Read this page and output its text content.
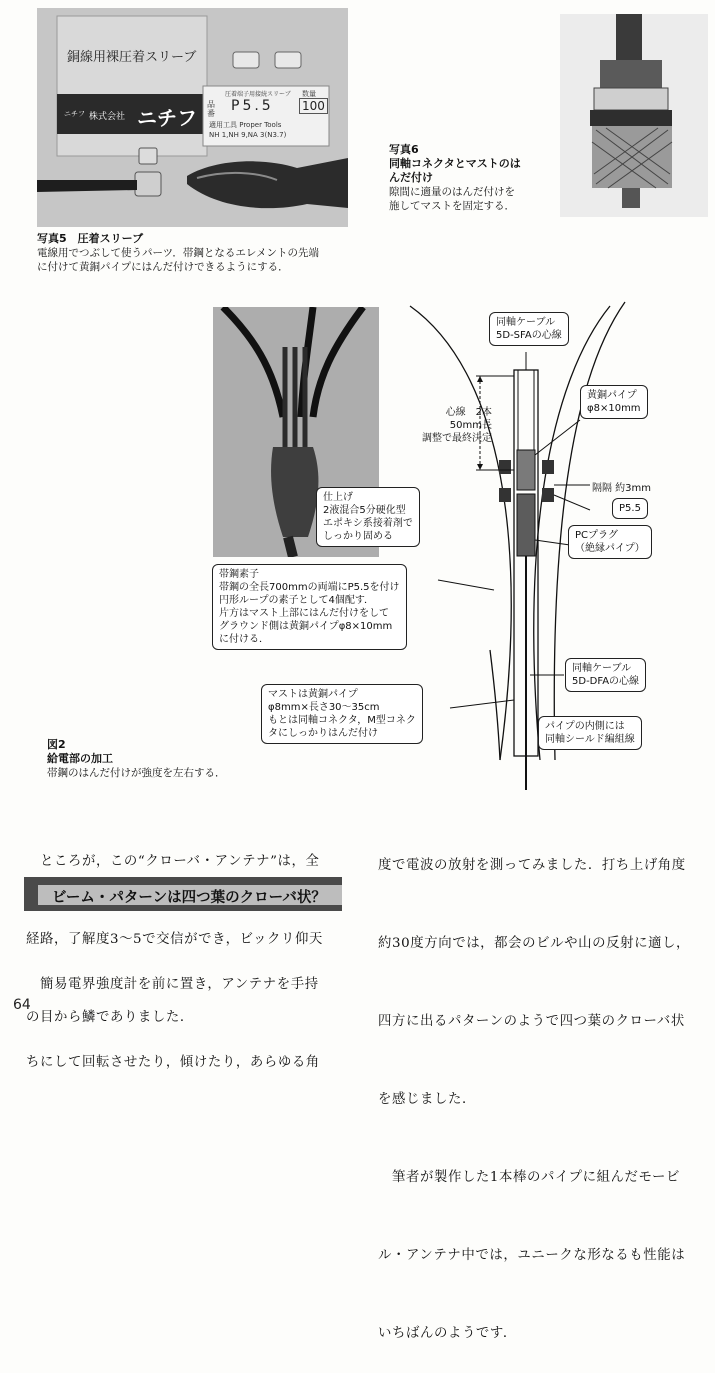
銅線用裸圧着スリーブ
ニチフ 株式会社 ニチフ
圧着端子用接続スリーブ
品番 P5.5
数量
100
適用工具 Proper Tools
NH 1,NH 9,NA 3(N3.7)
写真5　圧着スリーブ
電線用でつぶして使うパーツ．帯鋼となるエレメントの先端
に付けて黄銅パイプにはんだ付けできるようにする．
写真6
同軸コネクタとマストのは
んだ付け
隙間に適量のはんだ付けを
施してマストを固定する．
同軸ケーブル
5D-SFAの心線
心線　2本
50mm長
調整で最終決定
黄銅パイプ
φ8×10mm
隔隔 約3mm
P5.5
PCプラグ
（絶縁パイプ）
仕上げ
2液混合5分硬化型
エポキシ系接着剤で
しっかり固める
帯鋼素子
帯鋼の全長700mmの両端にP5.5を付け
円形ループの素子として4個配す．
片方はマスト上部にはんだ付けをして
グラウンド側は黄銅パイプφ8×10mm
に付ける．
同軸ケーブル
5D-DFAの心線
マストは黄銅パイプ
φ8mm×長さ30～35cm
もとは同軸コネクタ，M型コネク
タにしっかりはんだ付け
パイプの内側には
同軸シールド編組線
図2
給電部の加工
帯鋼のはんだ付けが強度を左右する．

　ところが，この“クローバ・アンテナ”は，全

経路，了解度3～5で交信ができ，ビックリ仰天

の目から鱗でありました．

ビーム・パターンは四つ葉のクローバ状？

　簡易電界強度計を前に置き，アンテナを手持

ちにして回転させたり，傾けたり，あらゆる角

度で電波の放射を測ってみました．打ち上げ角度

約30度方向では，都会のビルや山の反射に適し，

四方に出るパターンのようで四つ葉のクローバ状

を感じました．

　筆者が製作した1本棒のパイプに組んだモービ

ル・アンテナ中では，ユニークな形なるも性能は

いちばんのようです．

64
